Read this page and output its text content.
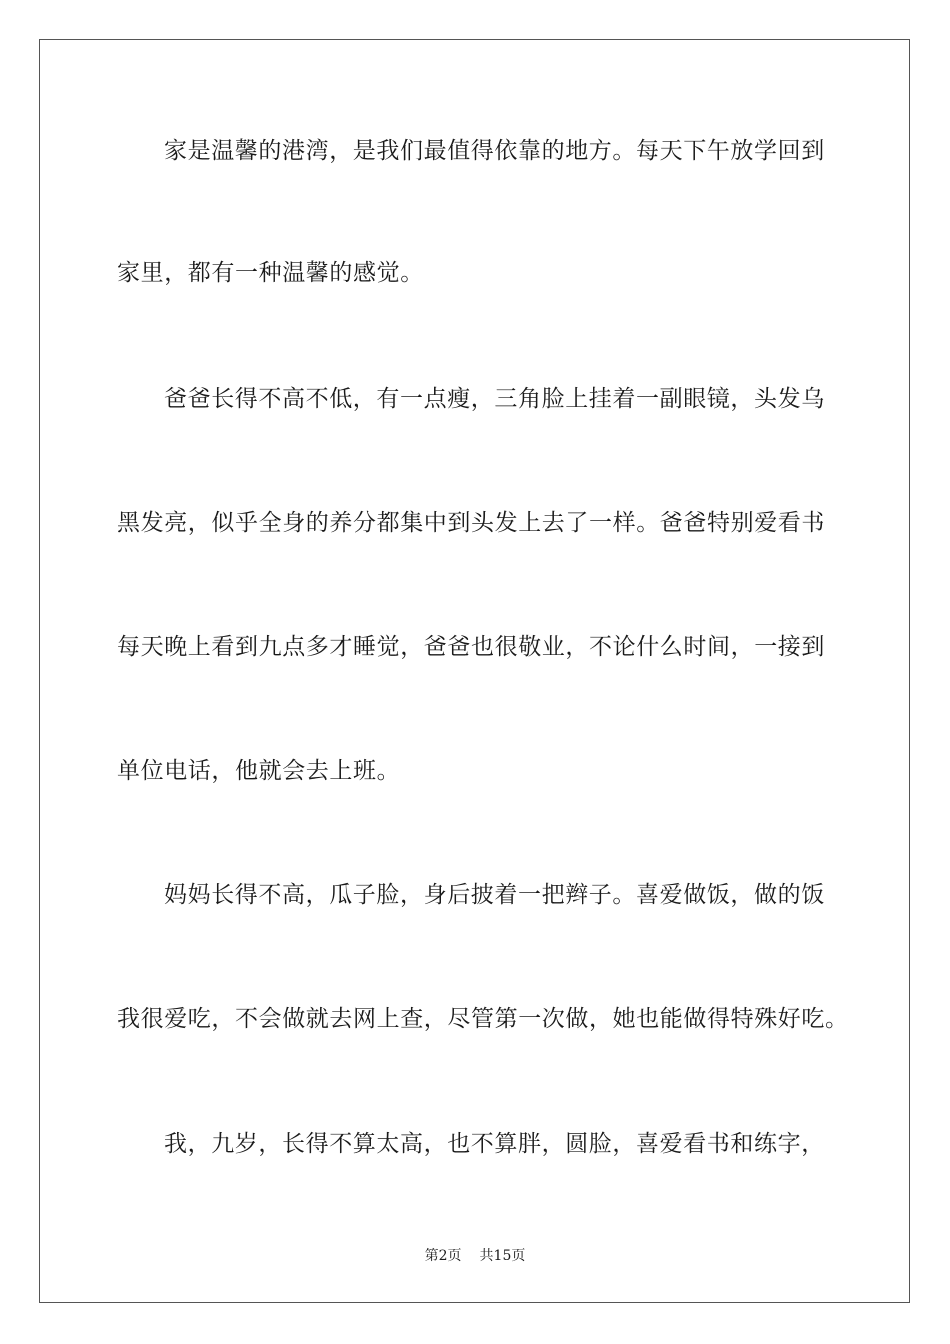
家是温馨的港湾，是我们最值得依靠的地方。每天下午放学回到
家里，都有一种温馨的感觉。
爸爸长得不高不低，有一点瘦，三角脸上挂着一副眼镜，头发乌
黑发亮，似乎全身的养分都集中到头发上去了一样。爸爸特别爱看书
每天晚上看到九点多才睡觉，爸爸也很敬业，不论什么时间，一接到
单位电话，他就会去上班。
妈妈长得不高，瓜子脸，身后披着一把辫子。喜爱做饭，做的饭
我很爱吃，不会做就去网上查，尽管第一次做，她也能做得特殊好吃。
我，九岁，长得不算太高，也不算胖，圆脸，喜爱看书和练字，
第2页 共15页
